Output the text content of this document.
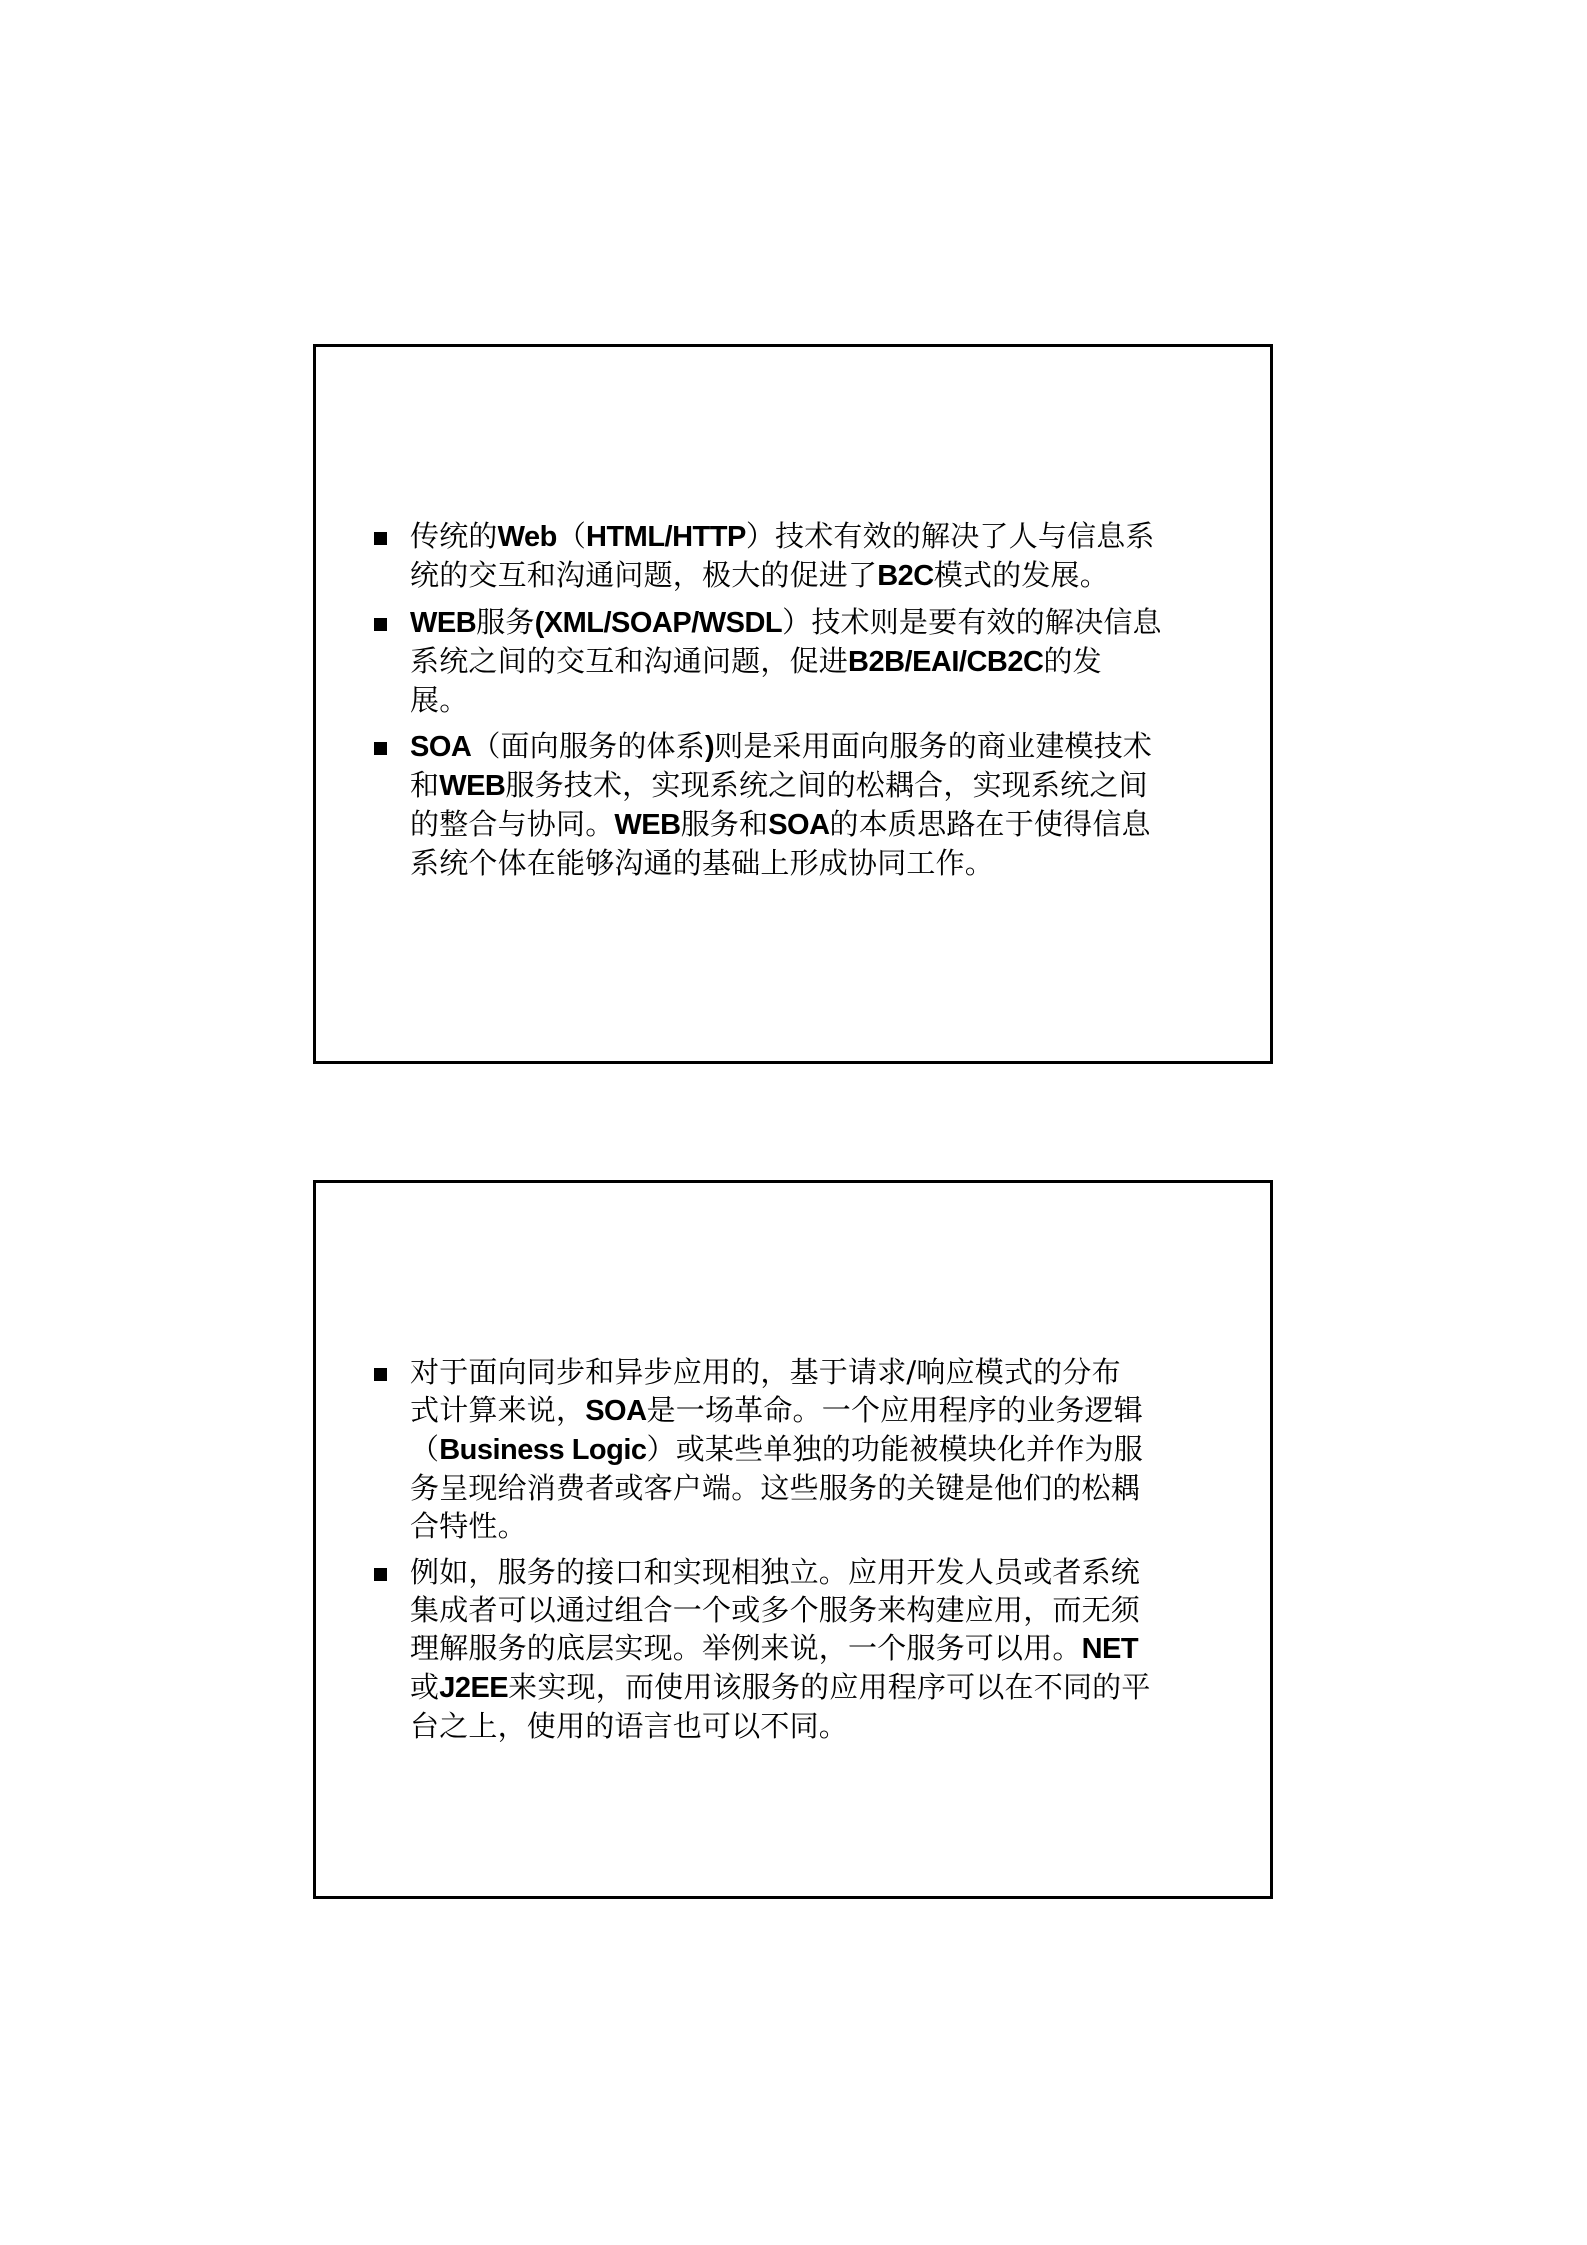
传统的Web（HTML/HTTP）技术有效的解决了人与信息系
统的交互和沟通问题，极大的促进了B2C模式的发展。
WEB服务(XML/SOAP/WSDL）技术则是要有效的解决信息
系统之间的交互和沟通问题，促进B2B/EAI/CB2C的发
展。
SOA（面向服务的体系)则是采用面向服务的商业建模技术
和WEB服务技术，实现系统之间的松耦合，实现系统之间
的整合与协同。WEB服务和SOA的本质思路在于使得信息
系统个体在能够沟通的基础上形成协同工作。
对于面向同步和异步应用的，基于请求/响应模式的分布
式计算来说，SOA是一场革命。一个应用程序的业务逻辑
（Business Logic）或某些单独的功能被模块化并作为服
务呈现给消费者或客户端。这些服务的关键是他们的松耦
合特性。
例如，服务的接口和实现相独立。应用开发人员或者系统
集成者可以通过组合一个或多个服务来构建应用，而无须
理解服务的底层实现。举例来说，一个服务可以用。NET
或J2EE来实现，而使用该服务的应用程序可以在不同的平
台之上，使用的语言也可以不同。
